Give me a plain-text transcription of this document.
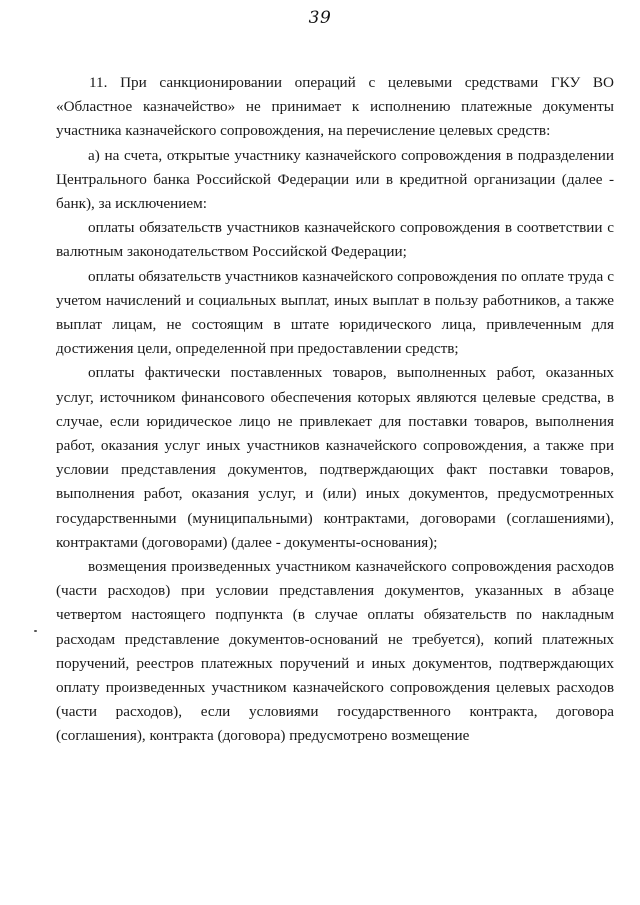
39

11. При санкционировании операций с целевыми средствами ГКУ ВО «Областное казначейство» не принимает к исполнению платежные документы участника казначейского сопровождения, на перечисление целевых средств:

а) на счета, открытые участнику казначейского сопровождения в подразделении Центрального банка Российской Федерации или в кредитной организации (далее - банк), за исключением:

оплаты обязательств участников казначейского сопровождения в соответствии с валютным законодательством Российской Федерации;

оплаты обязательств участников казначейского сопровождения по оплате труда с учетом начислений и социальных выплат, иных выплат в пользу работников, а также выплат лицам, не состоящим в штате юридического лица, привлеченным для достижения цели, определенной при предоставлении средств;

оплаты фактически поставленных товаров, выполненных работ, оказанных услуг, источником финансового обеспечения которых являются целевые средства, в случае, если юридическое лицо не привлекает для поставки товаров, выполнения работ, оказания услуг иных участников казначейского сопровождения, а также при условии представления документов, подтверждающих факт поставки товаров, выполнения работ, оказания услуг, и (или) иных документов, предусмотренных государственными (муниципальными) контрактами, договорами (соглашениями), контрактами (договорами) (далее - документы-основания);

возмещения произведенных участником казначейского сопровождения расходов (части расходов) при условии представления документов, указанных в абзаце четвертом настоящего подпункта (в случае оплаты обязательств по накладным расходам представление документов-оснований не требуется), копий платежных поручений, реестров платежных поручений и иных документов, подтверждающих оплату произведенных участником казначейского сопровождения целевых расходов (части расходов), если условиями государственного контракта, договора (соглашения), контракта (договора) предусмотрено возмещение
